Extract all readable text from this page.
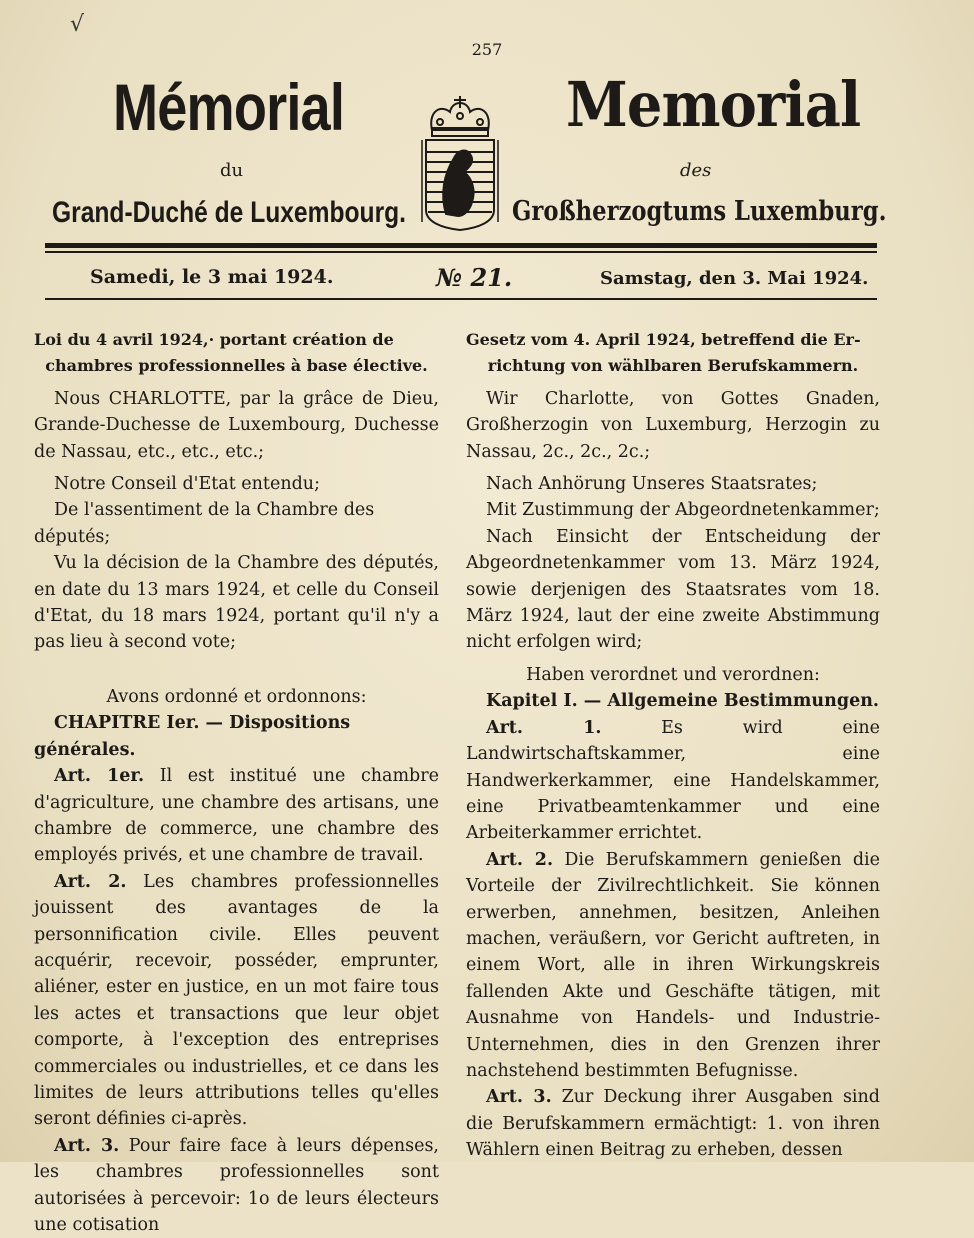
√
257
Mémorial	Memorial
du	des
Grand-Duché de Luxembourg.	Großherzogtums Luxemburg.
Samedi, le 3 mai 1924.	№ 21.	Samstag, den 3. Mai 1924.

Loi du 4 avril 1924,· portant création de

chambres professionnelles à base élective.

Nous CHARLOTTE, par la grâce de Dieu, Grande-Duchesse de Luxembourg, Duchesse de Nassau, etc., etc., etc.;

Notre Conseil d'Etat entendu;

De l'assentiment de la Chambre des députés;

Vu la décision de la Chambre des députés, en date du 13 mars 1924, et celle du Conseil d'Etat, du 18 mars 1924, portant qu'il n'y a pas lieu à second vote;

Avons ordonné et ordonnons:

CHAPITRE Ier. — Dispositions générales.

Art. 1er. Il est institué une chambre d'agriculture, une chambre des artisans, une chambre de commerce, une chambre des employés privés, et une chambre de travail.

Art. 2. Les chambres professionnelles jouissent des avantages de la personnification civile. Elles peuvent acquérir, recevoir, posséder, emprunter, aliéner, ester en justice, en un mot faire tous les actes et transactions que leur objet comporte, à l'exception des entreprises commerciales ou industrielles, et ce dans les limites de leurs attributions telles qu'elles seront définies ci-après.

Art. 3. Pour faire face à leurs dépenses, les chambres professionnelles sont autorisées à percevoir: 1o de leurs électeurs une cotisation

Gesetz vom 4. April 1924, betreffend die Er-

richtung von wählbaren Berufskammern.

Wir Charlotte, von Gottes Gnaden, Großherzogin von Luxemburg, Herzogin zu Nassau, 2c., 2c., 2c.;

Nach Anhörung Unseres Staatsrates;

Mit Zustimmung der Abgeordnetenkammer;

Nach Einsicht der Entscheidung der Abgeordnetenkammer vom 13. März 1924, sowie derjenigen des Staatsrates vom 18. März 1924, laut der eine zweite Abstimmung nicht erfolgen wird;

Haben verordnet und verordnen:

Kapitel I. — Allgemeine Bestimmungen.

Art. 1. Es wird eine Landwirtschaftskammer, eine Handwerkerkammer, eine Handelskammer, eine Privatbeamtenkammer und eine Arbeiterkammer errichtet.

Art. 2. Die Berufskammern genießen die Vorteile der Zivilrechtlichkeit. Sie können erwerben, annehmen, besitzen, Anleihen machen, veräußern, vor Gericht auftreten, in einem Wort, alle in ihren Wirkungskreis fallenden Akte und Geschäfte tätigen, mit Ausnahme von Handels- und Industrie-Unternehmen, dies in den Grenzen ihrer nachstehend bestimmten Befugnisse.

Art. 3. Zur Deckung ihrer Ausgaben sind die Berufskammern ermächtigt: 1. von ihren Wählern einen Beitrag zu erheben, dessen
